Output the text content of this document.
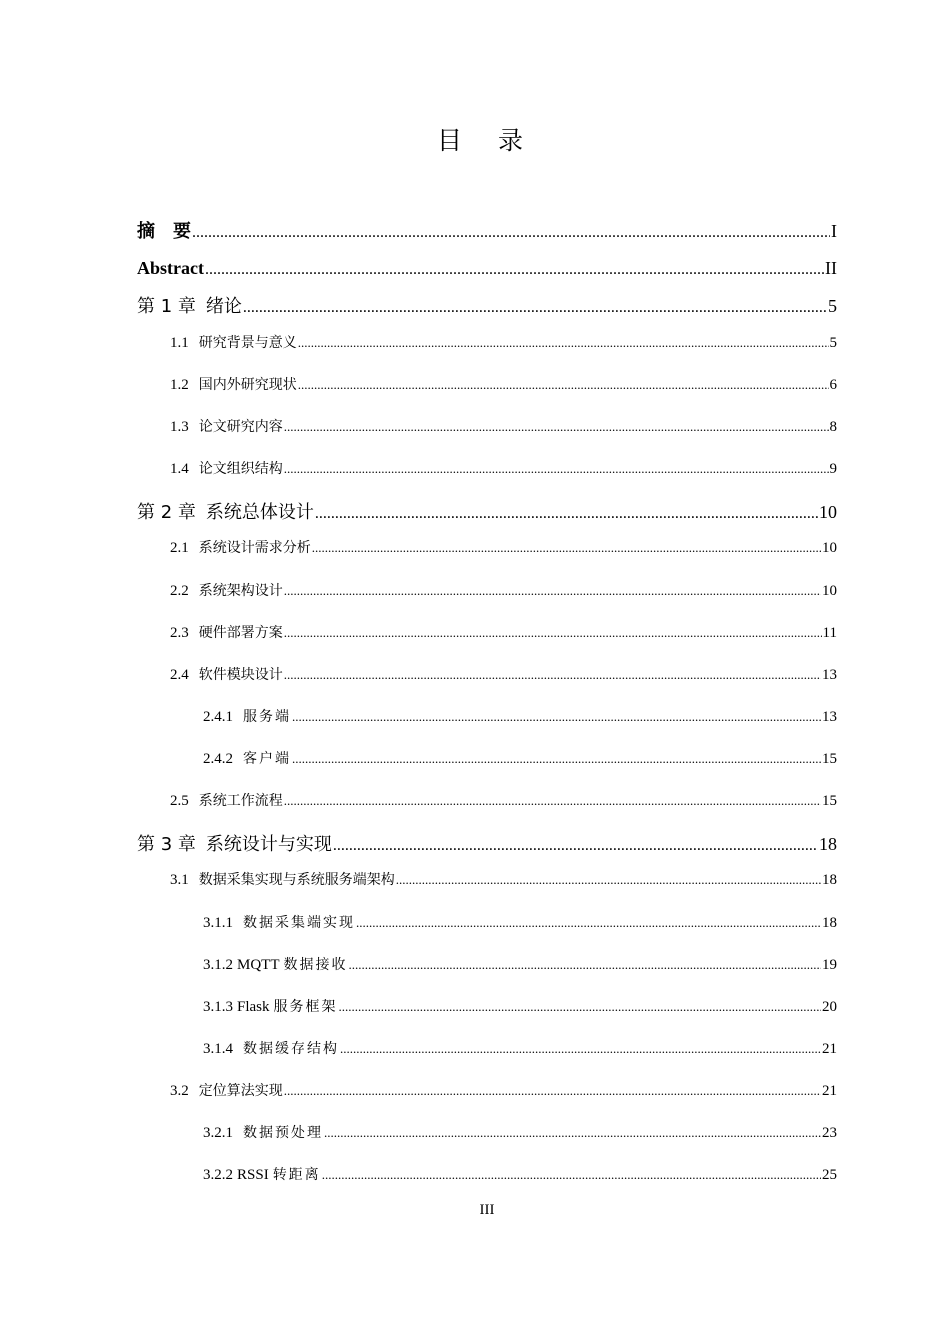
目 录
摘　要 .....	I
Abstract .....	II
第 1 章 绪论 .....	5
1.1 研究背景与意义 .....	5
1.2 国内外研究现状 .....	6
1.3 论文研究内容 .....	8
1.4 论文组织结构 .....	9
第 2 章 系统总体设计 .....	10
2.1 系统设计需求分析 .....	10
2.2 系统架构设计 .....	10
2.3 硬件部署方案 .....	11
2.4 软件模块设计 .....	13
2.4.1 服务端 .....	13
2.4.2 客户端 .....	15
2.5 系统工作流程 .....	15
第 3 章 系统设计与实现 .....	18
3.1 数据采集实现与系统服务端架构 .....	18
3.1.1 数据采集端实现 .....	18
3.1.2 MQTT 数据接收 .....	19
3.1.3 Flask 服务框架 .....	20
3.1.4 数据缓存结构 .....	21
3.2 定位算法实现 .....	21
3.2.1 数据预处理 .....	23
3.2.2 RSSI 转距离 .....	25
III
